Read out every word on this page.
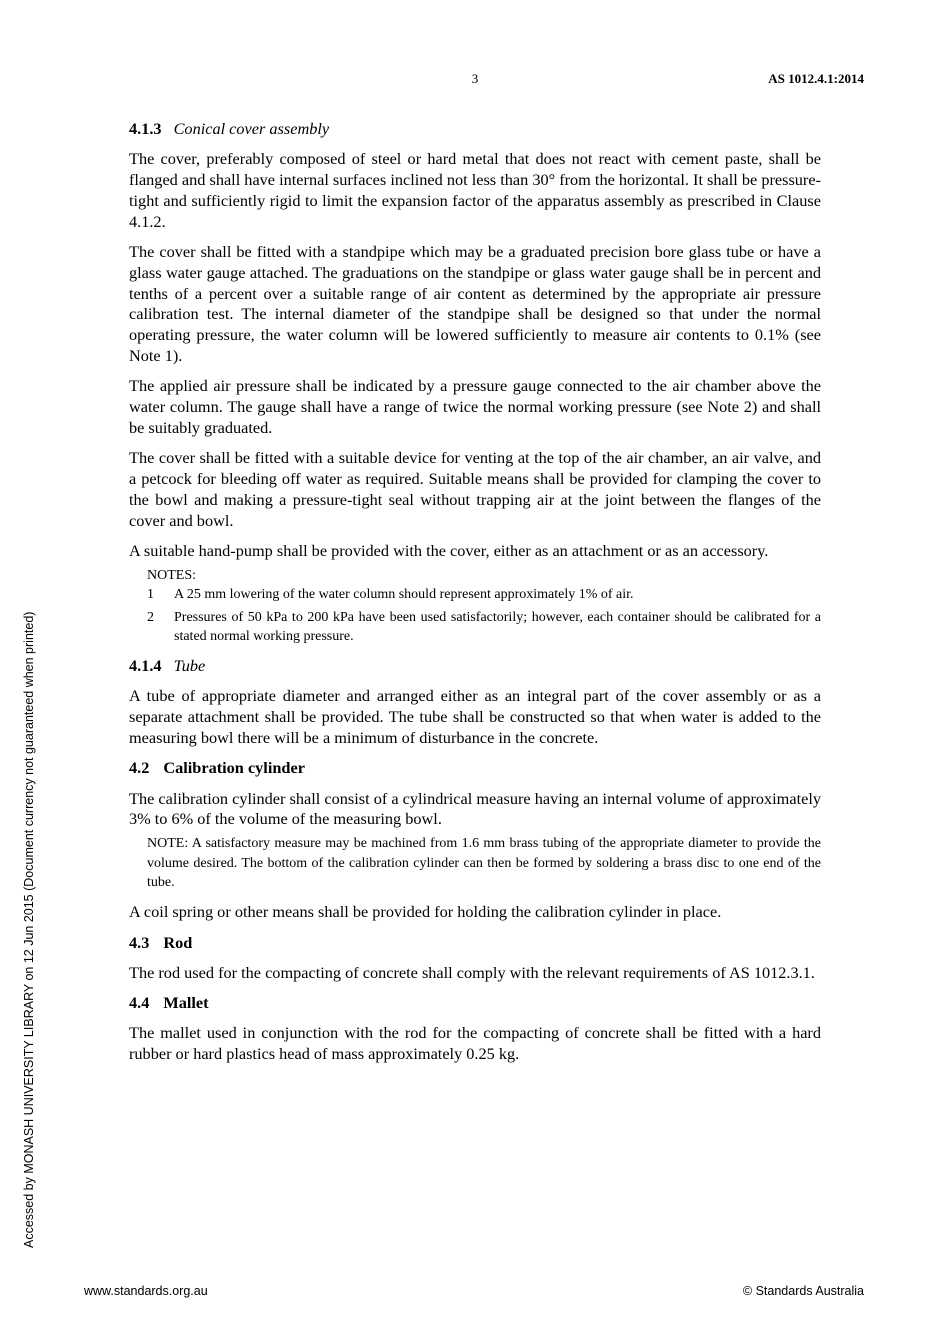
3	AS 1012.4.1:2014

4.1.3 Conical cover assembly

The cover, preferably composed of steel or hard metal that does not react with cement paste, shall be flanged and shall have internal surfaces inclined not less than 30° from the horizontal. It shall be pressure-tight and sufficiently rigid to limit the expansion factor of the apparatus assembly as prescribed in Clause 4.1.2.

The cover shall be fitted with a standpipe which may be a graduated precision bore glass tube or have a glass water gauge attached. The graduations on the standpipe or glass water gauge shall be in percent and tenths of a percent over a suitable range of air content as determined by the appropriate air pressure calibration test. The internal diameter of the standpipe shall be designed so that under the normal operating pressure, the water column will be lowered sufficiently to measure air contents to 0.1% (see Note 1).

The applied air pressure shall be indicated by a pressure gauge connected to the air chamber above the water column. The gauge shall have a range of twice the normal working pressure (see Note 2) and shall be suitably graduated.

The cover shall be fitted with a suitable device for venting at the top of the air chamber, an air valve, and a petcock for bleeding off water as required. Suitable means shall be provided for clamping the cover to the bowl and making a pressure-tight seal without trapping air at the joint between the flanges of the cover and bowl.

A suitable hand-pump shall be provided with the cover, either as an attachment or as an accessory.

NOTES:
1	A 25 mm lowering of the water column should represent approximately 1% of air.
2	Pressures of 50 kPa to 200 kPa have been used satisfactorily; however, each container should be calibrated for a stated normal working pressure.

4.1.4 Tube

A tube of appropriate diameter and arranged either as an integral part of the cover assembly or as a separate attachment shall be provided. The tube shall be constructed so that when water is added to the measuring bowl there will be a minimum of disturbance in the concrete.

4.2 Calibration cylinder

The calibration cylinder shall consist of a cylindrical measure having an internal volume of approximately 3% to 6% of the volume of the measuring bowl.

NOTE: A satisfactory measure may be machined from 1.6 mm brass tubing of the appropriate diameter to provide the volume desired. The bottom of the calibration cylinder can then be formed by soldering a brass disc to one end of the tube.

A coil spring or other means shall be provided for holding the calibration cylinder in place.

4.3 Rod

The rod used for the compacting of concrete shall comply with the relevant requirements of AS 1012.3.1.

4.4 Mallet

The mallet used in conjunction with the rod for the compacting of concrete shall be fitted with a hard rubber or hard plastics head of mass approximately 0.25 kg.

Accessed by MONASH UNIVERSITY LIBRARY on 12 Jun 2015 (Document currency not guaranteed when printed)
www.standards.org.au	© Standards Australia
